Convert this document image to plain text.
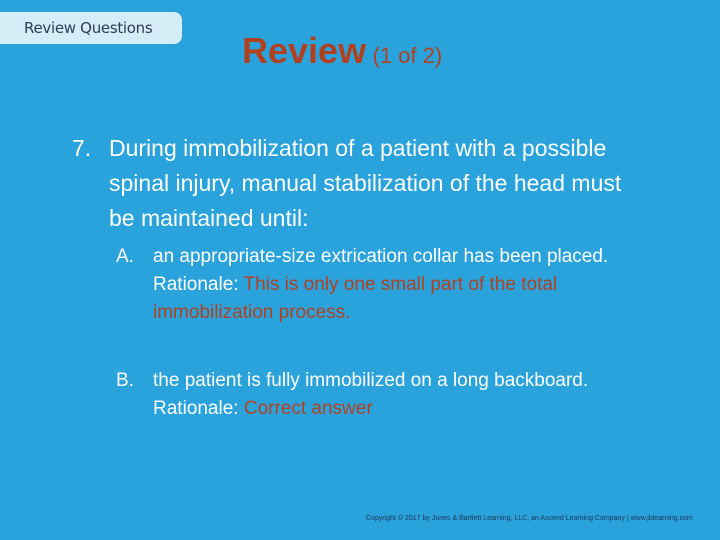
Review Questions
Review (1 of 2)
7. During immobilization of a patient with a possible spinal injury, manual stabilization of the head must be maintained until:
A.	an appropriate-size extrication collar has been placed.
Rationale: This is only one small part of the total immobilization process.
B.	the patient is fully immobilized on a long backboard.
Rationale: Correct answer
Copyright © 2017 by Jones & Bartlett Learning, LLC, an Ascend Learning Company | www.jblearning.com
